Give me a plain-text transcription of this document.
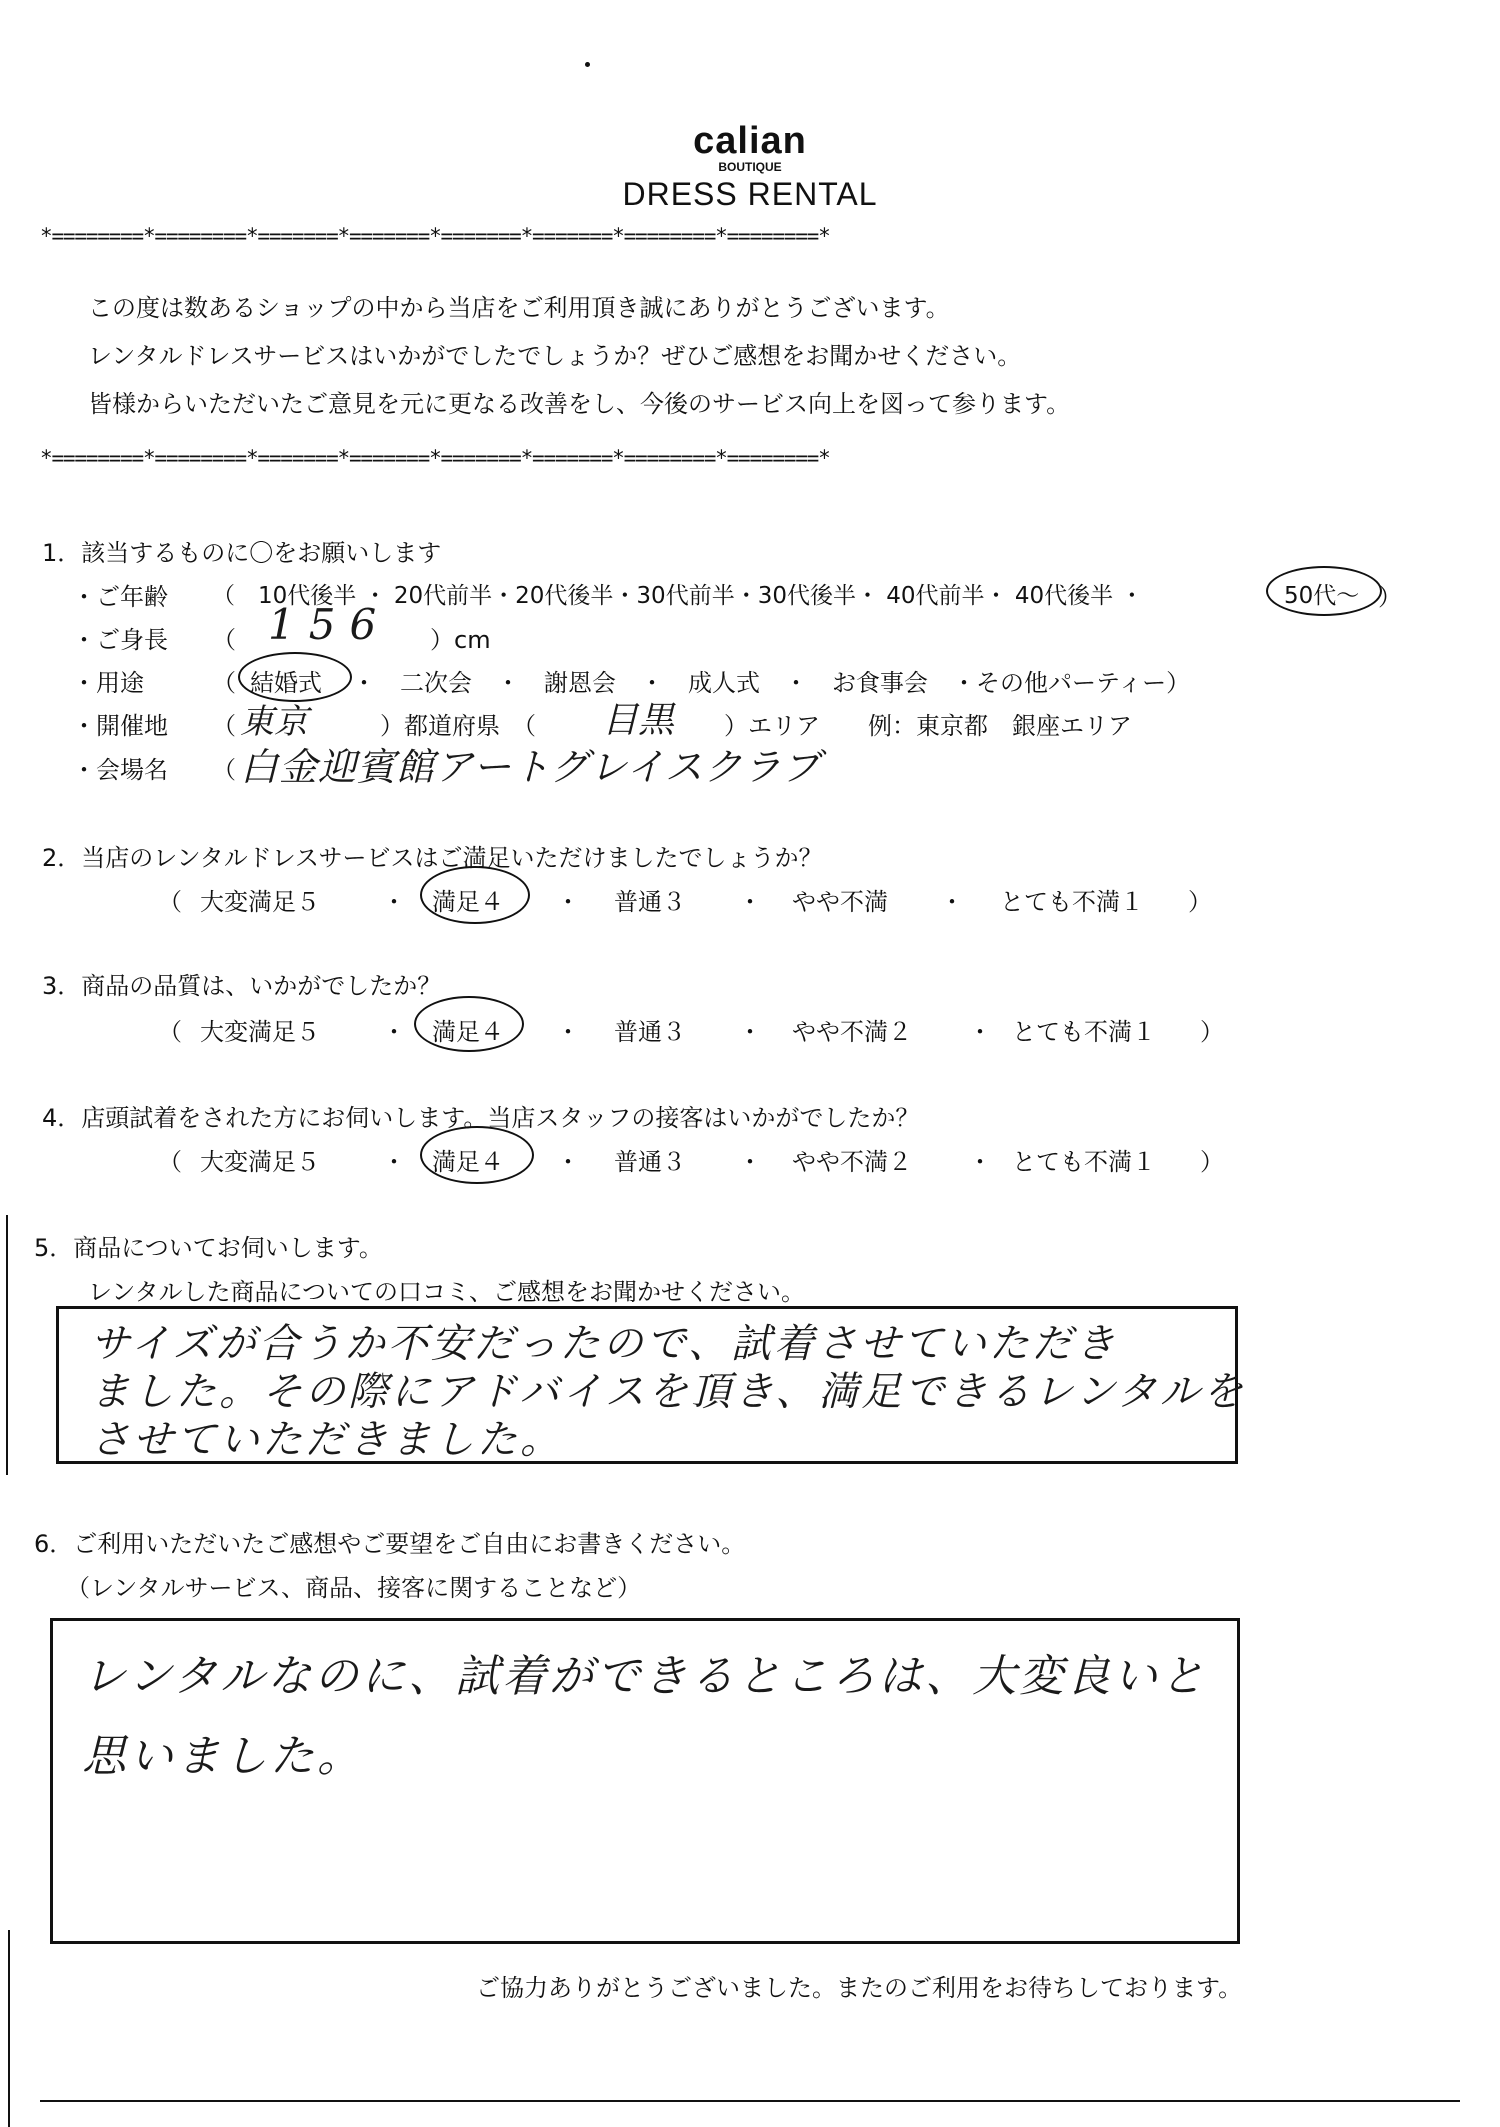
calian
BOUTIQUE
DRESS RENTAL
*========*========*=======*=======*=======*=======*========*========*
この度は数あるショップの中から当店をご利用頂き誠にありがとうございます。
レンタルドレスサービスはいかがでしたでしょうか？ぜひご感想をお聞かせください。
皆様からいただいたご意見を元に更なる改善をし、今後のサービス向上を図って参ります。
*========*========*=======*=======*=======*=======*========*========*
1．該当するものに〇をお願いします
・ご年齢 （　10代後半 ・ 20代前半・20代後半・30代前半・30代後半・ 40代前半・ 40代後半 ・	50代～ ）
・ご身長 （ 156 ）cm
・用途	（ 結婚式 ・　二次会　・　謝恩会　・　成人式　・　お食事会　・その他パーティー）
・開催地 （ 東京	）都道府県　（ 目黒 ）エリア　　例：東京都　銀座エリア
・会場名 （ 白金迎賓館アートグレイスクラブ
2．当店のレンタルドレスサービスはご満足いただけましたでしょうか？
（ 大変満足５	・ 満足４ ・ 普通３ ・ やや不満 ・ とても不満１ ）
3．商品の品質は、いかがでしたか？
（ 大変満足５	・ 満足４ ・ 普通３ ・ やや不満２ ・ とても不満１ ）
4．店頭試着をされた方にお伺いします。当店スタッフの接客はいかがでしたか？
（ 大変満足５	・ 満足４ ・ 普通３ ・ やや不満２ ・ とても不満１ ）
5．商品についてお伺いします。
レンタルした商品についての口コミ、ご感想をお聞かせください。
サイズが合うか不安だったので、試着させていただき
ました。その際にアドバイスを頂き、満足できるレンタルを
させていただきました。
6．ご利用いただいたご感想やご要望をご自由にお書きください。
（レンタルサービス、商品、接客に関することなど）
レンタルなのに、試着ができるところは、大変良いと
思いました。
ご協力ありがとうございました。またのご利用をお待ちしております。
